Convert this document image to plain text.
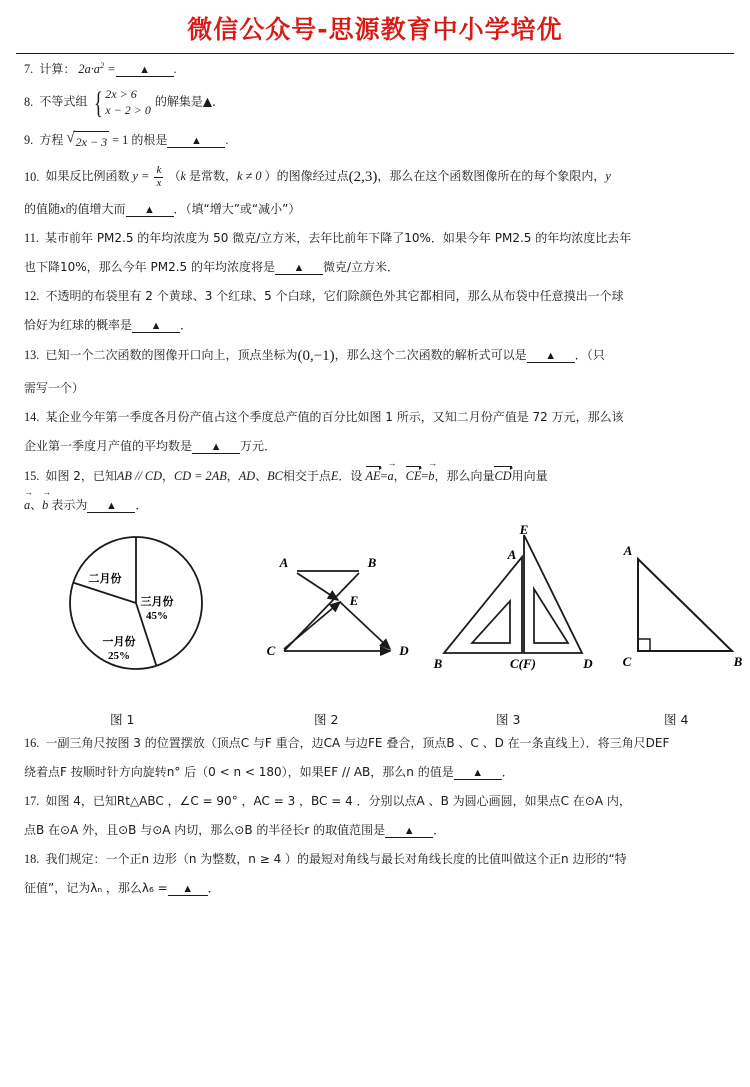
微信公众号-思源教育中小学培优
7. 计算： $2a\cdot a^2$ = ▲ .
8. 不等式组 { 2x > 6
x − 2 > 0
的解集是▲．
9. 方程 √ 2x − 3 = 1 的根是 ▲ .
10. 如果反比例函数 $y = \frac{k}{x} (k$ 是常数，k ≠ 0 ）的图像经过点(2,3)，那么在这个函数图像所在的每个象限内，y
的值随x的值增大而 ▲ ．（填“增大”或“减小”）
11. 某市前年 PM2.5 的年均浓度为 50 微克/立方米，去年比前年下降了10%．如果今年 PM2.5 的年均浓度比去年
也下降10%，那么今年 PM2.5 的年均浓度将是 ▲ 微克/立方米．
12. 不透明的布袋里有 2 个黄球、3 个红球、5 个白球，它们除颜色外其它都相同，那么从布袋中任意摸出一个球
恰好为红球的概率是 ▲ ．
13. 已知一个二次函数的图像开口向上，顶点坐标为(0,−1)，那么这个二次函数的解析式可以是 ▲ ．（只
需写一个）
14. 某企业今年第一季度各月份产值占这个季度总产值的百分比如图 1 所示，又知二月份产值是 72 万元，那么该
企业第一季度月产值的平均数是 ▲ 万元．
15. 如图 2，已知AB // CD，CD = 2AB，AD、BC相交于点E．设 AE=
→
a，CE=
→
b，那么向量CD用向量
→
a、
→
b 表示为 ▲ ．
三月份
45%
一月份
25%
二月份
A	B
C	D
E
E
A
B	C(F)	D
A
C	B
图 1	图 2	图 3	图 4
16. 一副三角尺按图 3 的位置摆放（顶点C 与F 重合，边CA 与边FE 叠合，顶点B 、C 、D 在一条直线上）．将三角尺DEF
绕着点F 按顺时针方向旋转n° 后（0 < n < 180），如果EF // AB，那么n 的值是 ▲ ．
17. 如图 4，已知Rt△ABC ，∠C = 90° ，AC = 3 ，BC = 4 ．分别以点A 、B 为圆心画圆，如果点C 在⊙A 内，
点B 在⊙A 外，且⊙B 与⊙A 内切，那么⊙B 的半径长r 的取值范围是 ▲ ．
18. 我们规定：一个正n 边形（n 为整数，n ≥ 4 ）的最短对角线与最长对角线长度的比值叫做这个正n 边形的“特
征值”，记为λₙ ，那么λ₆ = ▲ ．
